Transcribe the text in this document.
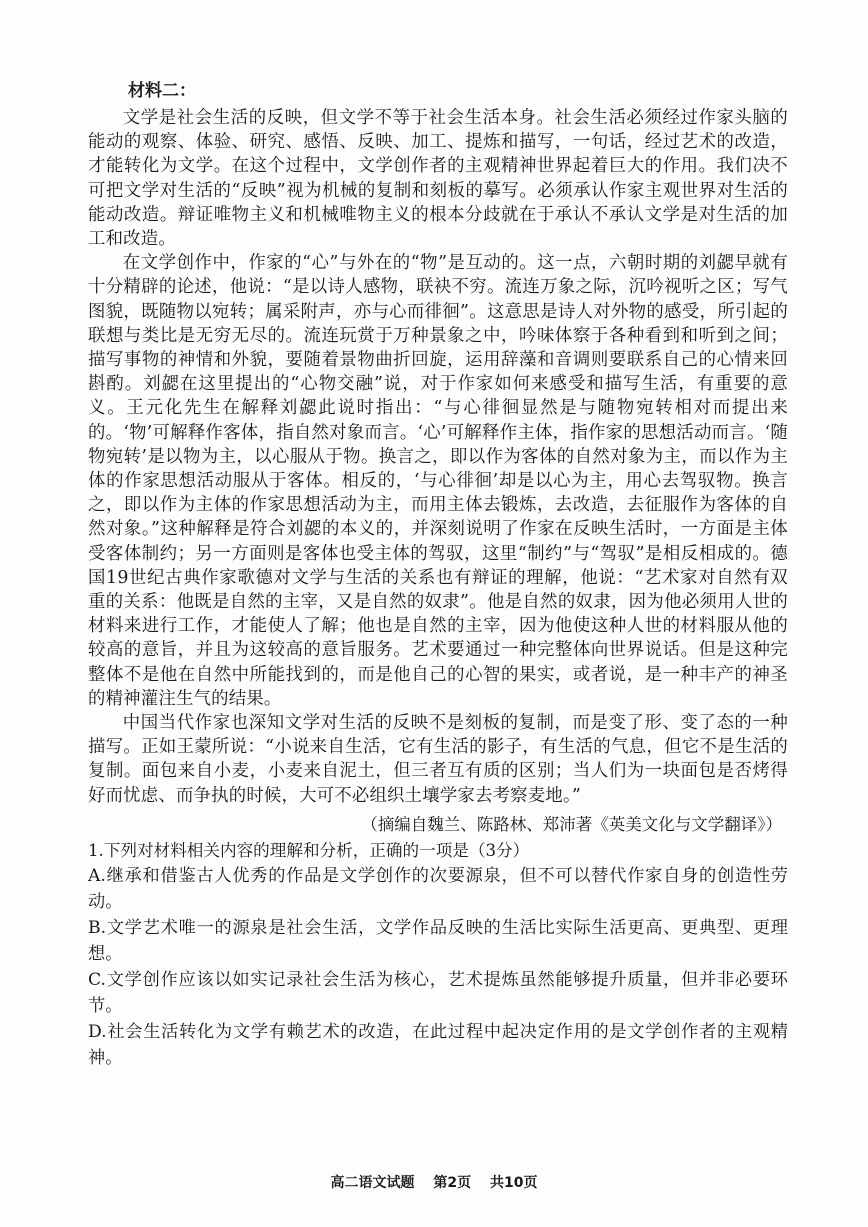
材料二：

文学是社会生活的反映，但文学不等于社会生活本身。社会生活必须经过作家头脑的能动的观察、体验、研究、感悟、反映、加工、提炼和描写，一句话，经过艺术的改造，才能转化为文学。在这个过程中，文学创作者的主观精神世界起着巨大的作用。我们决不可把文学对生活的“反映”视为机械的复制和刻板的摹写。必须承认作家主观世界对生活的能动改造。辩证唯物主义和机械唯物主义的根本分歧就在于承认不承认文学是对生活的加工和改造。

在文学创作中，作家的“心”与外在的“物”是互动的。这一点，六朝时期的刘勰早就有十分精辟的论述，他说：“是以诗人感物，联袂不穷。流连万象之际，沉吟视听之区；写气图貌，既随物以宛转；属采附声，亦与心而徘徊”。这意思是诗人对外物的感受，所引起的联想与类比是无穷无尽的。流连玩赏于万种景象之中，吟味体察于各种看到和听到之间；描写事物的神情和外貌，要随着景物曲折回旋，运用辞藻和音调则要联系自己的心情来回斟酌。刘勰在这里提出的“心物交融”说，对于作家如何来感受和描写生活，有重要的意义。王元化先生在解释刘勰此说时指出：“与心徘徊显然是与随物宛转相对而提出来的。‘物’可解释作客体，指自然对象而言。‘心’可解释作主体，指作家的思想活动而言。‘随物宛转’是以物为主，以心服从于物。换言之，即以作为客体的自然对象为主，而以作为主体的作家思想活动服从于客体。相反的，‘与心徘徊’却是以心为主，用心去驾驭物。换言之，即以作为主体的作家思想活动为主，而用主体去锻炼，去改造，去征服作为客体的自然对象。”这种解释是符合刘勰的本义的，并深刻说明了作家在反映生活时，一方面是主体受客体制约；另一方面则是客体也受主体的驾驭，这里“制约”与“驾驭”是相反相成的。德国19世纪古典作家歌德对文学与生活的关系也有辩证的理解，他说：“艺术家对自然有双重的关系：他既是自然的主宰，又是自然的奴隶”。他是自然的奴隶，因为他必须用人世的材料来进行工作，才能使人了解；他也是自然的主宰，因为他使这种人世的材料服从他的较高的意旨，并且为这较高的意旨服务。艺术要通过一种完整体向世界说话。但是这种完整体不是他在自然中所能找到的，而是他自己的心智的果实，或者说，是一种丰产的神圣的精神灌注生气的结果。

中国当代作家也深知文学对生活的反映不是刻板的复制，而是变了形、变了态的一种描写。正如王蒙所说：“小说来自生活，它有生活的影子，有生活的气息，但它不是生活的复制。面包来自小麦，小麦来自泥土，但三者互有质的区别；当人们为一块面包是否烤得好而忧虑、而争执的时候，大可不必组织土壤学家去考察麦地。”

（摘编自魏兰、陈路林、郑沛著《英美文化与文学翻译》）

1.下列对材料相关内容的理解和分析，正确的一项是（3分）

A.继承和借鉴古人优秀的作品是文学创作的次要源泉，但不可以替代作家自身的创造性劳动。

B.文学艺术唯一的源泉是社会生活，文学作品反映的生活比实际生活更高、更典型、更理想。

C.文学创作应该以如实记录社会生活为核心，艺术提炼虽然能够提升质量，但并非必要环节。

D.社会生活转化为文学有赖艺术的改造，在此过程中起决定作用的是文学创作者的主观精神。

高二语文试题 第2页 共10页
